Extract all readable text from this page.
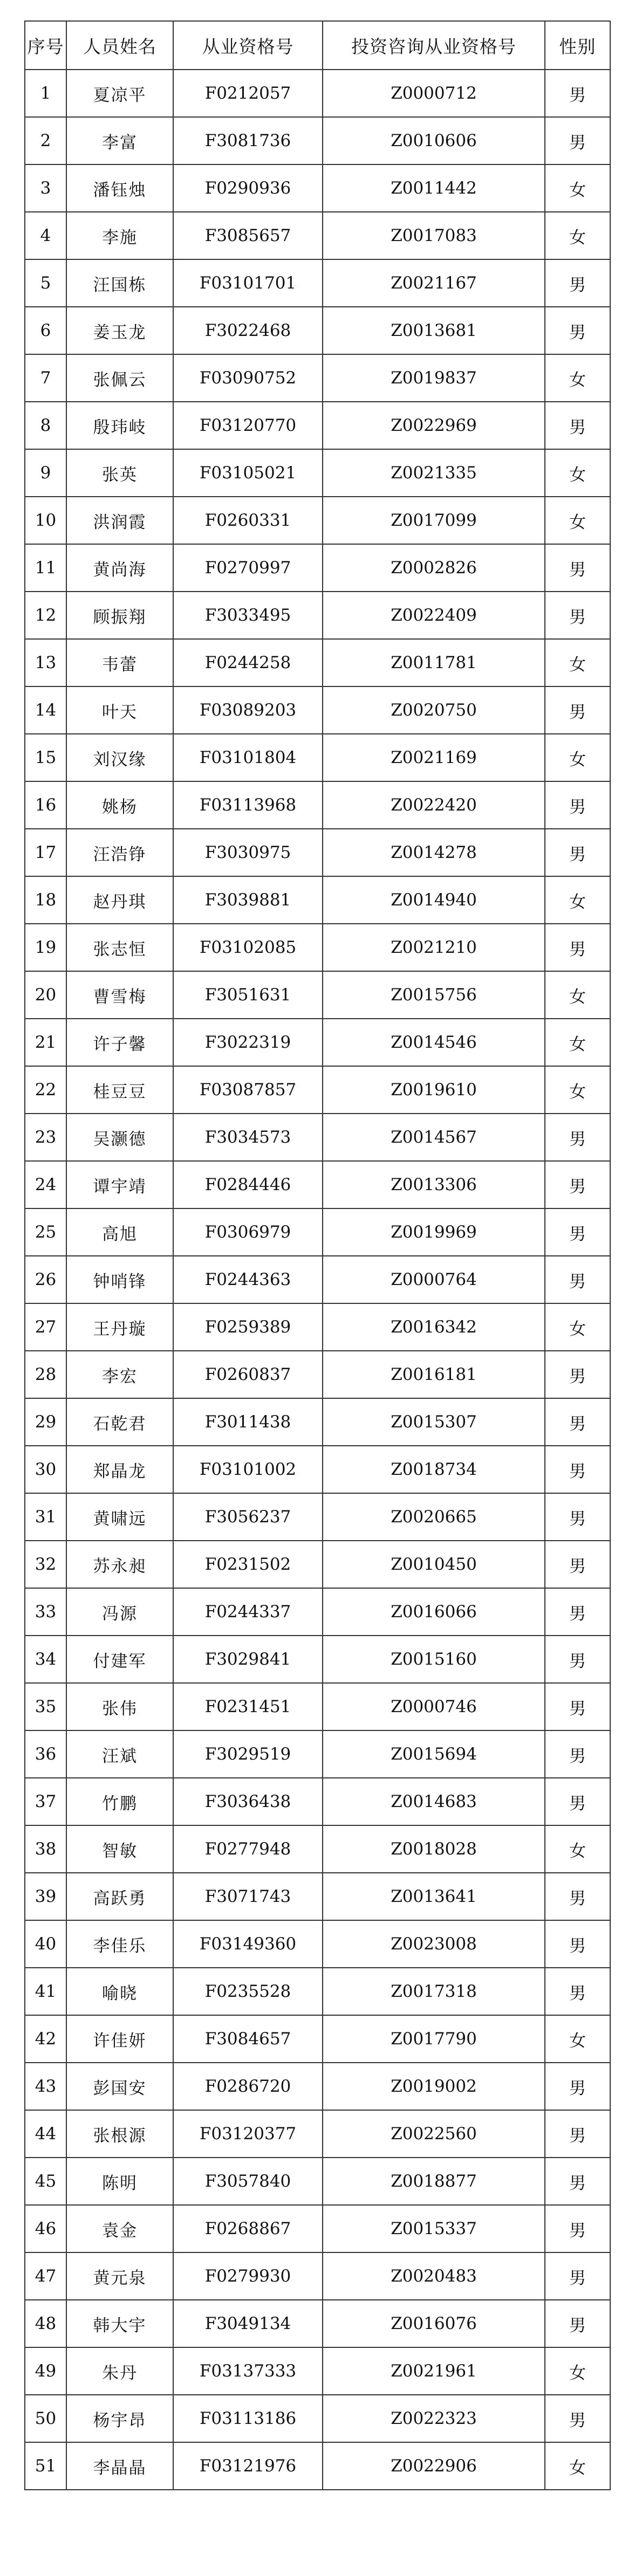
序号	人员姓名	从业资格号	投资咨询从业资格号	性别
1	夏凉平	F0212057	Z0000712	男
2	李富	F3081736	Z0010606	男
3	潘钰烛	F0290936	Z0011442	女
4	李施	F3085657	Z0017083	女
5	汪国栋	F03101701	Z0021167	男
6	姜玉龙	F3022468	Z0013681	男
7	张佩云	F03090752	Z0019837	女
8	殷玮岐	F03120770	Z0022969	男
9	张英	F03105021	Z0021335	女
10	洪润霞	F0260331	Z0017099	女
11	黄尚海	F0270997	Z0002826	男
12	顾振翔	F3033495	Z0022409	男
13	韦蕾	F0244258	Z0011781	女
14	叶天	F03089203	Z0020750	男
15	刘汉缘	F03101804	Z0021169	女
16	姚杨	F03113968	Z0022420	男
17	汪浩铮	F3030975	Z0014278	男
18	赵丹琪	F3039881	Z0014940	女
19	张志恒	F03102085	Z0021210	男
20	曹雪梅	F3051631	Z0015756	女
21	许子馨	F3022319	Z0014546	女
22	桂豆豆	F03087857	Z0019610	女
23	吴灏德	F3034573	Z0014567	男
24	谭宇靖	F0284446	Z0013306	男
25	高旭	F0306979	Z0019969	男
26	钟哨锋	F0244363	Z0000764	男
27	王丹璇	F0259389	Z0016342	女
28	李宏	F0260837	Z0016181	男
29	石乾君	F3011438	Z0015307	男
30	郑晶龙	F03101002	Z0018734	男
31	黄啸远	F3056237	Z0020665	男
32	苏永昶	F0231502	Z0010450	男
33	冯源	F0244337	Z0016066	男
34	付建军	F3029841	Z0015160	男
35	张伟	F0231451	Z0000746	男
36	汪斌	F3029519	Z0015694	男
37	竹鹏	F3036438	Z0014683	男
38	智敏	F0277948	Z0018028	女
39	高跃勇	F3071743	Z0013641	男
40	李佳乐	F03149360	Z0023008	男
41	喻晓	F0235528	Z0017318	男
42	许佳妍	F3084657	Z0017790	女
43	彭国安	F0286720	Z0019002	男
44	张根源	F03120377	Z0022560	男
45	陈明	F3057840	Z0018877	男
46	袁金	F0268867	Z0015337	男
47	黄元泉	F0279930	Z0020483	男
48	韩大宇	F3049134	Z0016076	男
49	朱丹	F03137333	Z0021961	女
50	杨宇昂	F03113186	Z0022323	男
51	李晶晶	F03121976	Z0022906	女
